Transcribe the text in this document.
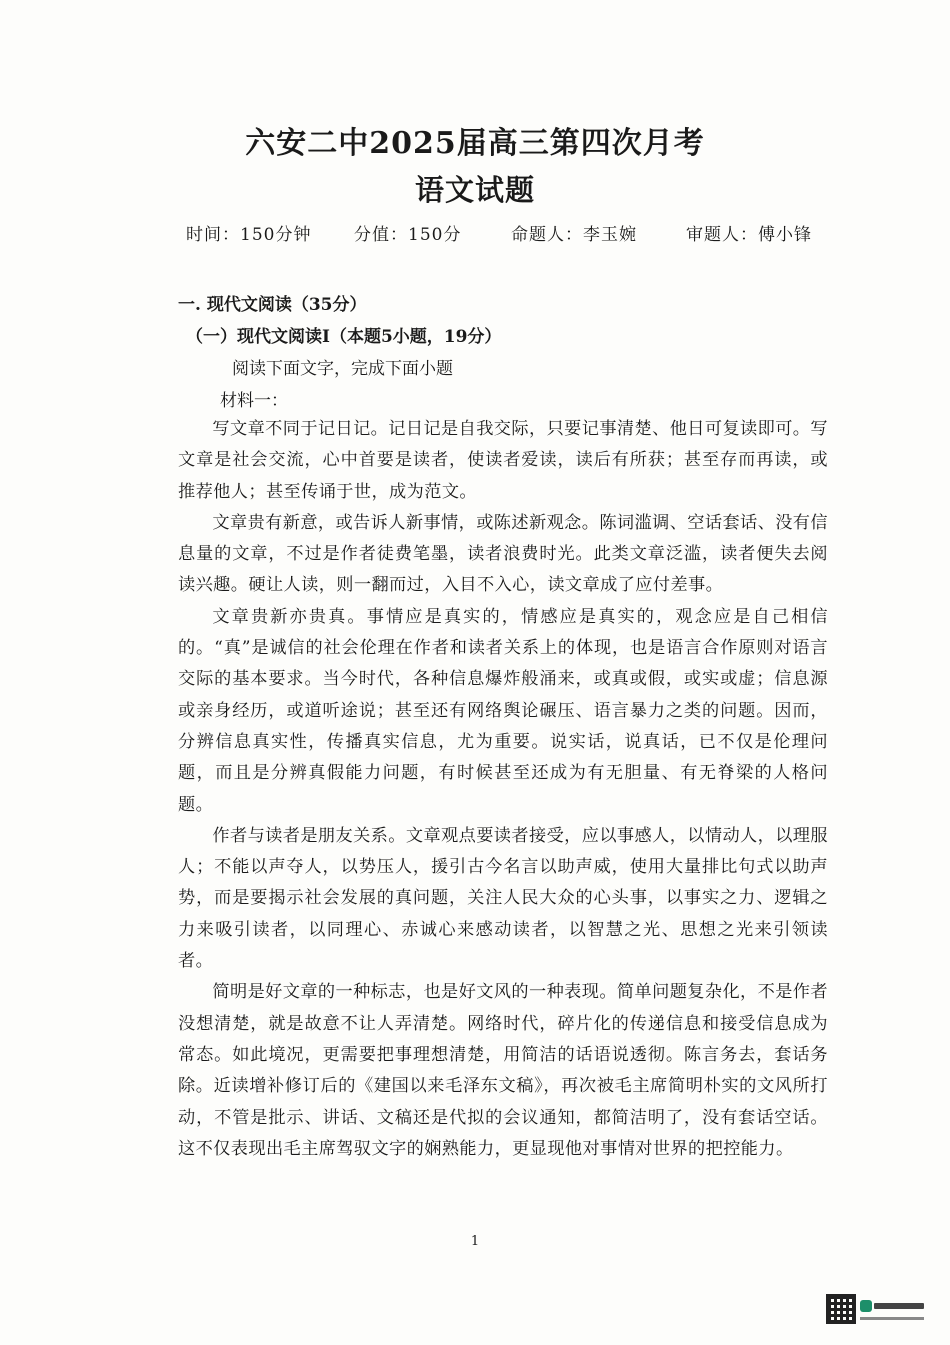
六安二中2025届高三第四次月考
语文试题
时间：150分钟	分值：150分	命题人：李玉婉	审题人：傅小锋
一. 现代文阅读（35分）
（一）现代文阅读Ⅰ（本题5小题，19分）
阅读下面文字，完成下面小题
材料一：

写文章不同于记日记。记日记是自我交际，只要记事清楚、他日可复读即可。写文章是社会交流，心中首要是读者，使读者爱读，读后有所获；甚至存而再读，或推荐他人；甚至传诵于世，成为范文。

文章贵有新意，或告诉人新事情，或陈述新观念。陈词滥调、空话套话、没有信息量的文章，不过是作者徒费笔墨，读者浪费时光。此类文章泛滥，读者便失去阅读兴趣。硬让人读，则一翻而过，入目不入心，读文章成了应付差事。

文章贵新亦贵真。事情应是真实的，情感应是真实的，观念应是自己相信的。“真”是诚信的社会伦理在作者和读者关系上的体现，也是语言合作原则对语言交际的基本要求。当今时代，各种信息爆炸般涌来，或真或假，或实或虚；信息源或亲身经历，或道听途说；甚至还有网络舆论碾压、语言暴力之类的问题。因而，分辨信息真实性，传播真实信息，尤为重要。说实话，说真话，已不仅是伦理问题，而且是分辨真假能力问题，有时候甚至还成为有无胆量、有无脊梁的人格问题。

作者与读者是朋友关系。文章观点要读者接受，应以事感人，以情动人，以理服人；不能以声夺人，以势压人，援引古今名言以助声威，使用大量排比句式以助声势，而是要揭示社会发展的真问题，关注人民大众的心头事，以事实之力、逻辑之力来吸引读者，以同理心、赤诚心来感动读者，以智慧之光、思想之光来引领读者。

简明是好文章的一种标志，也是好文风的一种表现。简单问题复杂化，不是作者没想清楚，就是故意不让人弄清楚。网络时代，碎片化的传递信息和接受信息成为常态。如此境况，更需要把事理想清楚，用简洁的话语说透彻。陈言务去，套话务除。近读增补修订后的《建国以来毛泽东文稿》，再次被毛主席简明朴实的文风所打动，不管是批示、讲话、文稿还是代拟的会议通知，都简洁明了，没有套话空话。这不仅表现出毛主席驾驭文字的娴熟能力，更显现他对事情对世界的把控能力。

1
